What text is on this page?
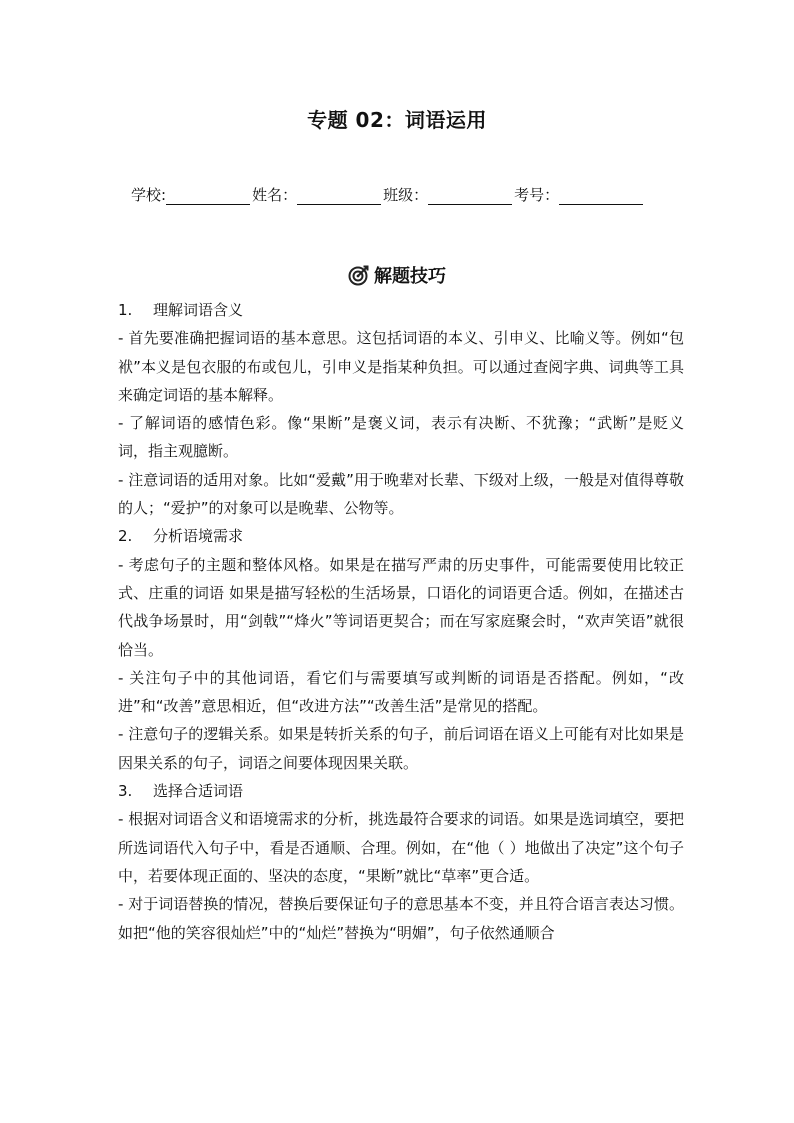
专题 02：词语运用
学校:	姓名：	班级：	考号：
解题技巧
1.	理解词语含义
- 首先要准确把握词语的基本意思。这包括词语的本义、引申义、比喻义等。例如“包袱”本义是包衣服的布或包儿，引申义是指某种负担。可以通过查阅字典、词典等工具来确定词语的基本解释。
- 了解词语的感情色彩。像“果断”是褒义词，表示有决断、不犹豫；“武断”是贬义词，指主观臆断。
- 注意词语的适用对象。比如“爱戴”用于晚辈对长辈、下级对上级，一般是对值得尊敬的人；“爱护”的对象可以是晚辈、公物等。
2.	分析语境需求
- 考虑句子的主题和整体风格。如果是在描写严肃的历史事件，可能需要使用比较正式、庄重的词语 如果是描写轻松的生活场景，口语化的词语更合适。例如，在描述古代战争场景时，用“剑戟”“烽火”等词语更契合；而在写家庭聚会时，“欢声笑语”就很恰当。
- 关注句子中的其他词语，看它们与需要填写或判断的词语是否搭配。例如，“改进”和“改善”意思相近，但“改进方法”“改善生活”是常见的搭配。
- 注意句子的逻辑关系。如果是转折关系的句子，前后词语在语义上可能有对比如果是因果关系的句子，词语之间要体现因果关联。
3.	选择合适词语
- 根据对词语含义和语境需求的分析，挑选最符合要求的词语。如果是选词填空，要把所选词语代入句子中，看是否通顺、合理。例如，在“他（ ）地做出了决定”这个句子中，若要体现正面的、坚决的态度，“果断”就比“草率”更合适。
- 对于词语替换的情况，替换后要保证句子的意思基本不变，并且符合语言表达习惯。如把“他的笑容很灿烂”中的“灿烂”替换为“明媚”，句子依然通顺合
